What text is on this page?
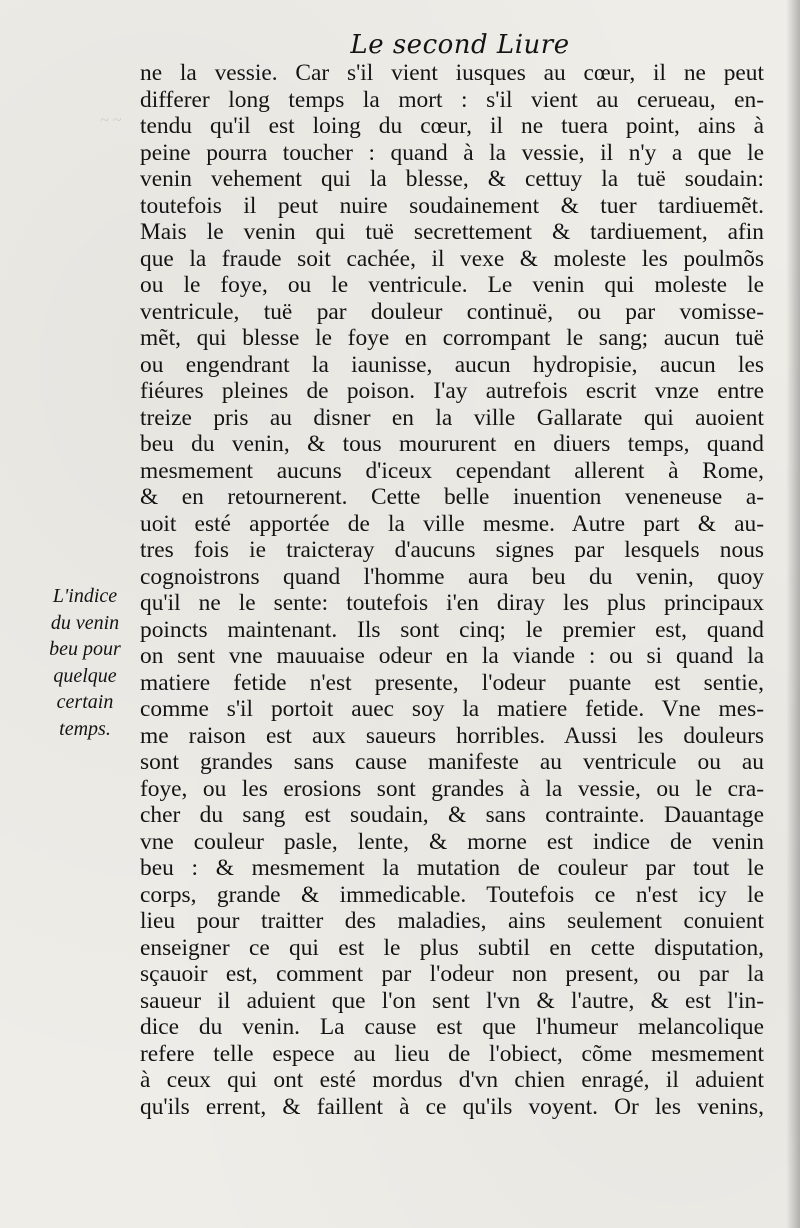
~ ~
Le second Liure
ne la vessie. Car s'il vient iusques au cœur, il ne peut
differer long temps la mort : s'il vient au cerueau, en-
tendu qu'il est loing du cœur, il ne tuera point, ains à
peine pourra toucher : quand à la vessie, il n'y a que le
venin vehement qui la blesse, & cettuy la tuë soudain:
toutefois il peut nuire soudainement & tuer tardiuemẽt.
Mais le venin qui tuë secrettement & tardiuement, afin
que la fraude soit cachée, il vexe & moleste les poulmõs
ou le foye, ou le ventricule. Le venin qui moleste le
ventricule, tuë par douleur continuë, ou par vomisse-
mẽt, qui blesse le foye en corrompant le sang; aucun tuë
ou engendrant la iaunisse, aucun hydropisie, aucun les
fiéures pleines de poison. I'ay autrefois escrit vnze entre
treize pris au disner en la ville Gallarate qui auoient
beu du venin, & tous moururent en diuers temps, quand
mesmement aucuns d'iceux cependant allerent à Rome,
& en retournerent. Cette belle inuention veneneuse a-
uoit esté apportée de la ville mesme. Autre part & au-
tres fois ie traicteray d'aucuns signes par lesquels nous
cognoistrons quand l'homme aura beu du venin, quoy
qu'il ne le sente: toutefois i'en diray les plus principaux
poincts maintenant. Ils sont cinq; le premier est, quand
on sent vne mauuaise odeur en la viande : ou si quand la
matiere fetide n'est presente, l'odeur puante est sentie,
comme s'il portoit auec soy la matiere fetide. Vne mes-
me raison est aux saueurs horribles. Aussi les douleurs
sont grandes sans cause manifeste au ventricule ou au
foye, ou les erosions sont grandes à la vessie, ou le cra-
cher du sang est soudain, & sans contrainte. Dauantage
vne couleur pasle, lente, & morne est indice de venin
beu : & mesmement la mutation de couleur par tout le
corps, grande & immedicable. Toutefois ce n'est icy le
lieu pour traitter des maladies, ains seulement conuient
enseigner ce qui est le plus subtil en cette disputation,
sçauoir est, comment par l'odeur non present, ou par la
saueur il aduient que l'on sent l'vn & l'autre, & est l'in-
dice du venin. La cause est que l'humeur melancolique
refere telle espece au lieu de l'obiect, cõme mesmement
à ceux qui ont esté mordus d'vn chien enragé, il aduient
qu'ils errent, & faillent à ce qu'ils voyent. Or les venins,
L'indice
du venin
beu pour
quelque
certain
temps.
